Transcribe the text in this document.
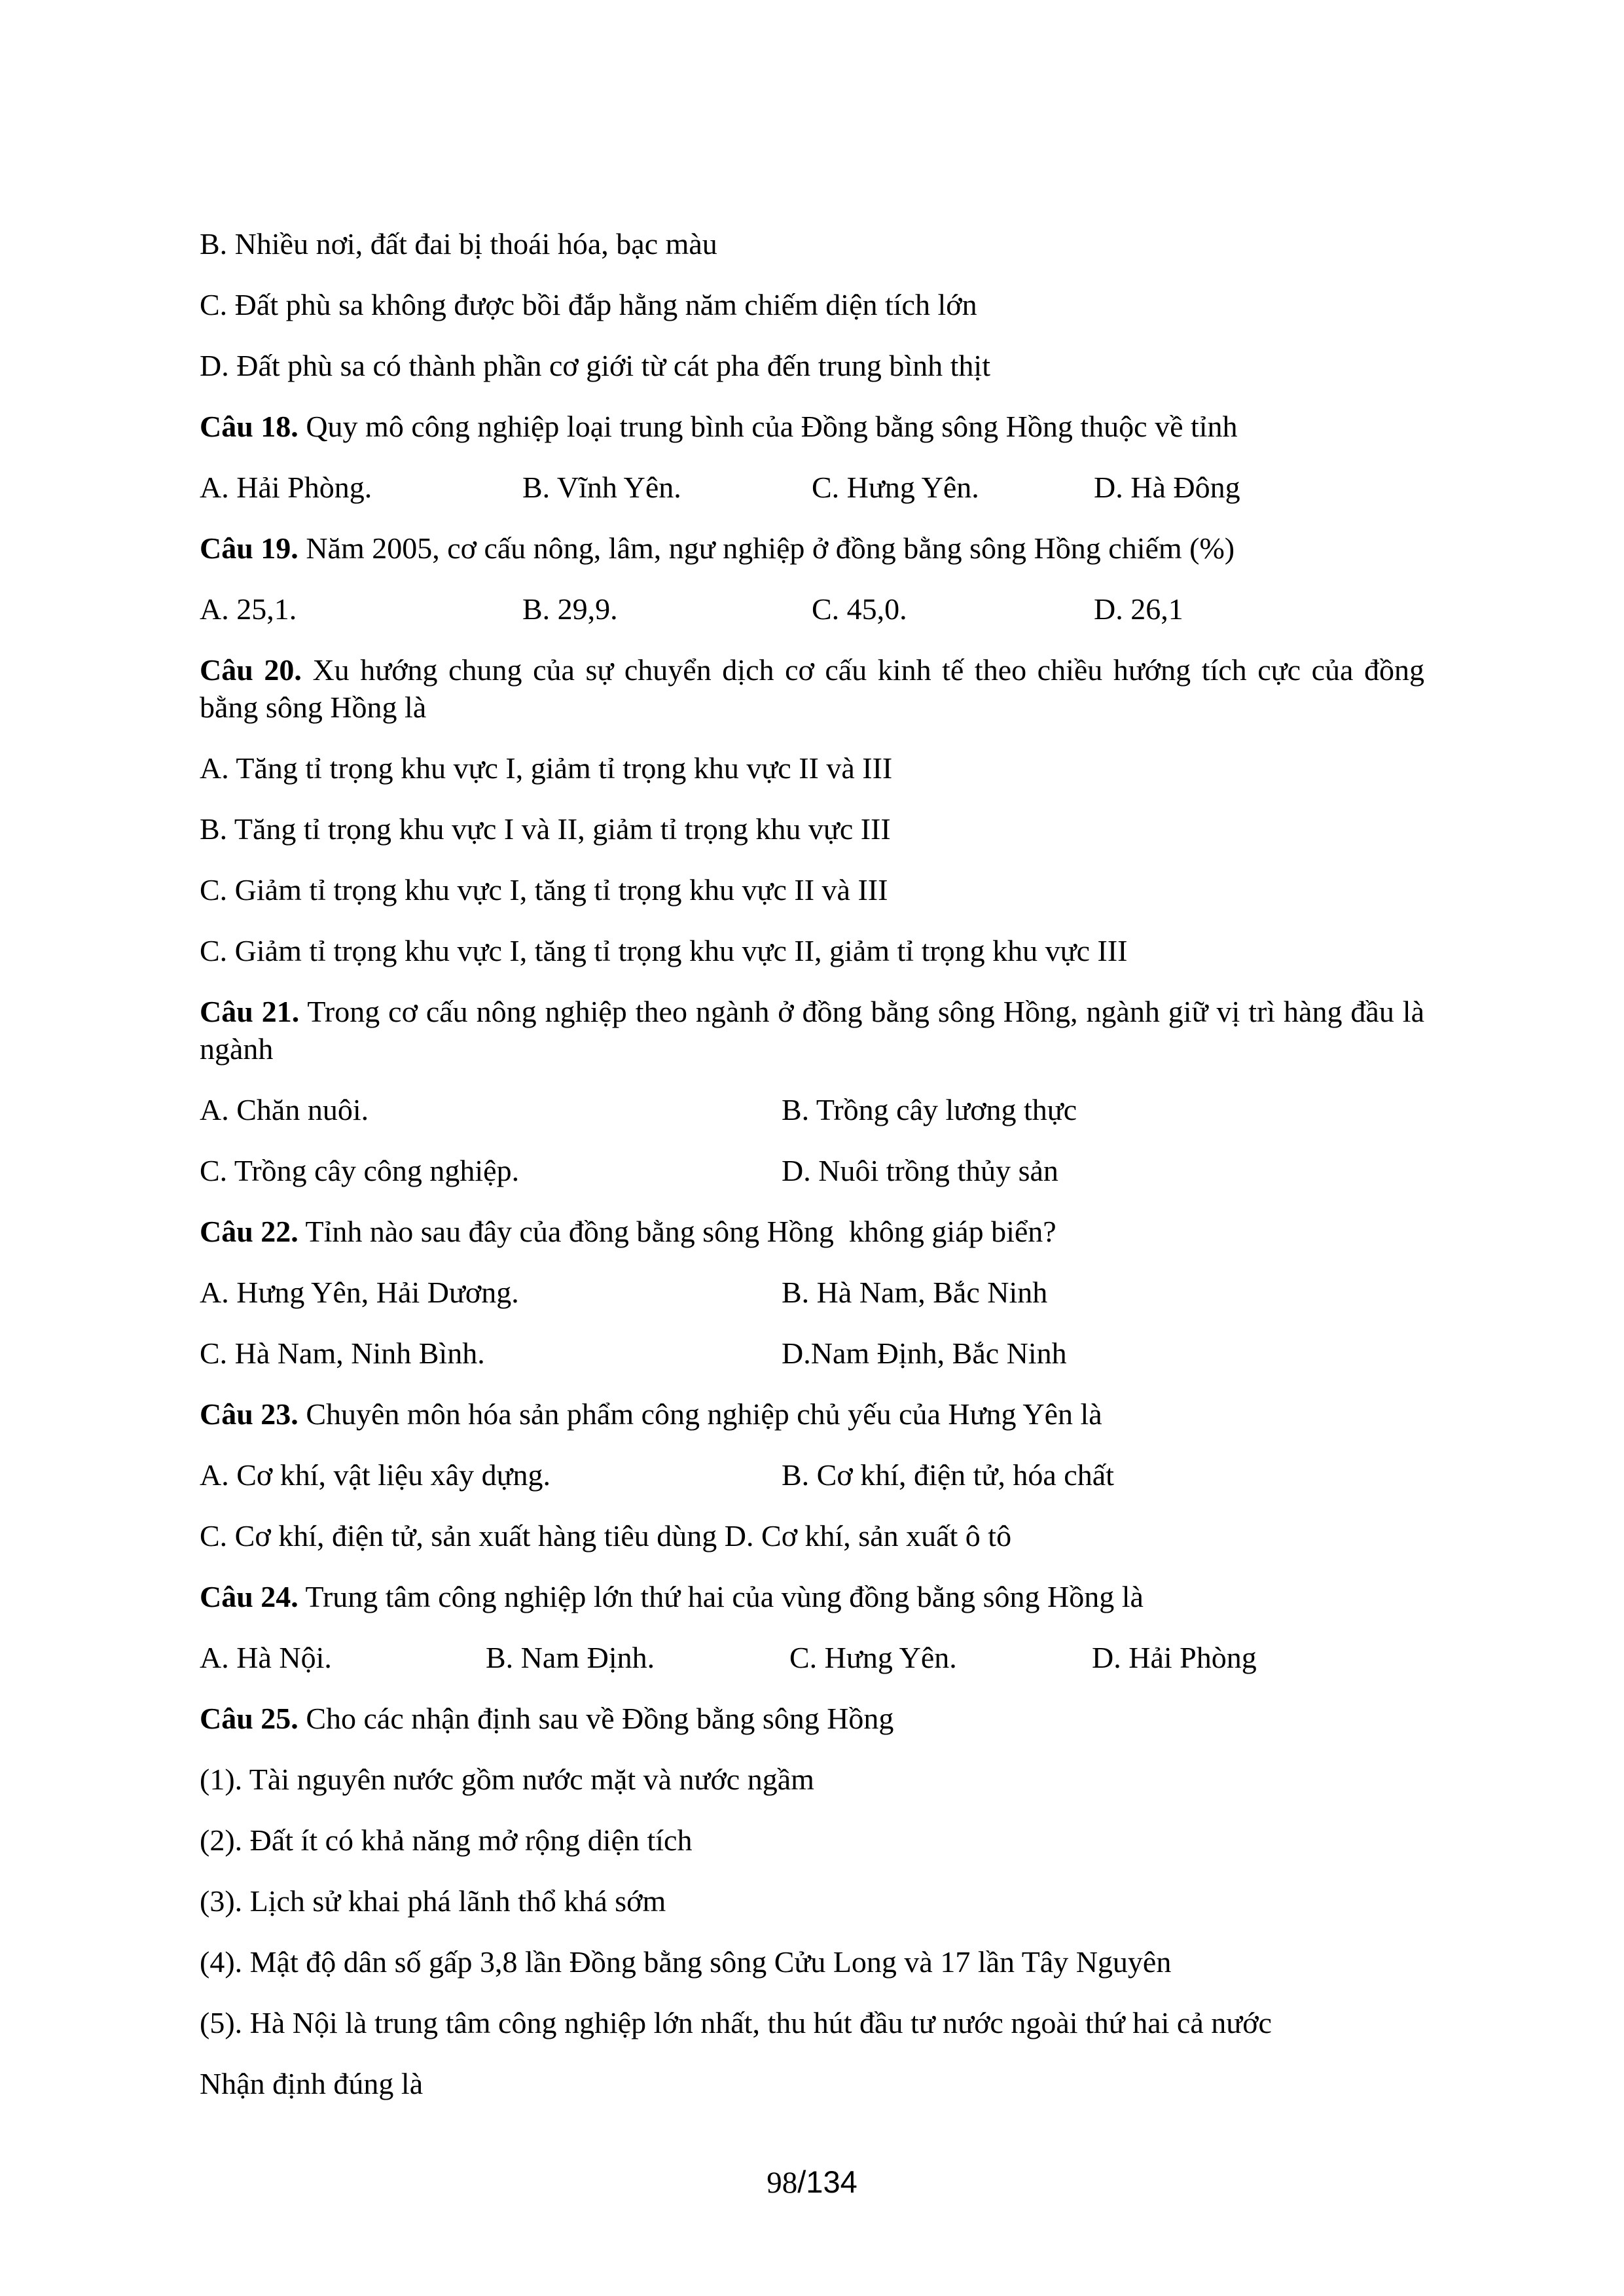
B. Nhiều nơi, đất đai bị thoái hóa, bạc màu
C. Đất phù sa không được bồi đắp hằng năm chiếm diện tích lớn
D. Đất phù sa có thành phần cơ giới từ cát pha đến trung bình thịt
Câu 18. Quy mô công nghiệp loại trung bình của Đồng bằng sông Hồng thuộc về tỉnh
A. Hải Phòng.	B. Vĩnh Yên.	C. Hưng Yên.	D. Hà Đông
Câu 19. Năm 2005, cơ cấu nông, lâm, ngư nghiệp ở đồng bằng sông Hồng chiếm (%)
A. 25,1.	B. 29,9.	C. 45,0.	D. 26,1
Câu 20. Xu hướng chung của sự chuyển dịch cơ cấu kinh tế theo chiều hướng tích cực của đồng bằng sông Hồng là
A. Tăng tỉ trọng khu vực I, giảm tỉ trọng khu vực II và III
B. Tăng tỉ trọng khu vực I và II, giảm tỉ trọng khu vực III
C. Giảm tỉ trọng khu vực I, tăng tỉ trọng khu vực II và III
C. Giảm tỉ trọng khu vực I, tăng tỉ trọng khu vực II, giảm tỉ trọng khu vực III
Câu 21. Trong cơ cấu nông nghiệp theo ngành ở đồng bằng sông Hồng, ngành giữ vị trì hàng đầu là ngành
A. Chăn nuôi.	B. Trồng cây lương thực
C. Trồng cây công nghiệp.	D. Nuôi trồng thủy sản
Câu 22. Tỉnh nào sau đây của đồng bằng sông Hồng  không giáp biển?
A. Hưng Yên, Hải Dương.	B. Hà Nam, Bắc Ninh
C. Hà Nam, Ninh Bình.	D.Nam Định, Bắc Ninh
Câu 23. Chuyên môn hóa sản phẩm công nghiệp chủ yếu của Hưng Yên là
A. Cơ khí, vật liệu xây dựng.	B. Cơ khí, điện tử, hóa chất
C. Cơ khí, điện tử, sản xuất hàng tiêu dùng D. Cơ khí, sản xuất ô tô
Câu 24. Trung tâm công nghiệp lớn thứ hai của vùng đồng bằng sông Hồng là
A. Hà Nội.	B. Nam Định.	C. Hưng Yên.	D. Hải Phòng
Câu 25. Cho các nhận định sau về Đồng bằng sông Hồng
(1). Tài nguyên nước gồm nước mặt và nước ngầm
(2). Đất ít có khả năng mở rộng diện tích
(3). Lịch sử khai phá lãnh thổ khá sớm
(4). Mật độ dân số gấp 3,8 lần Đồng bằng sông Cửu Long và 17 lần Tây Nguyên
(5). Hà Nội là trung tâm công nghiệp lớn nhất, thu hút đầu tư nước ngoài thứ hai cả nước
Nhận định đúng là
98/134
